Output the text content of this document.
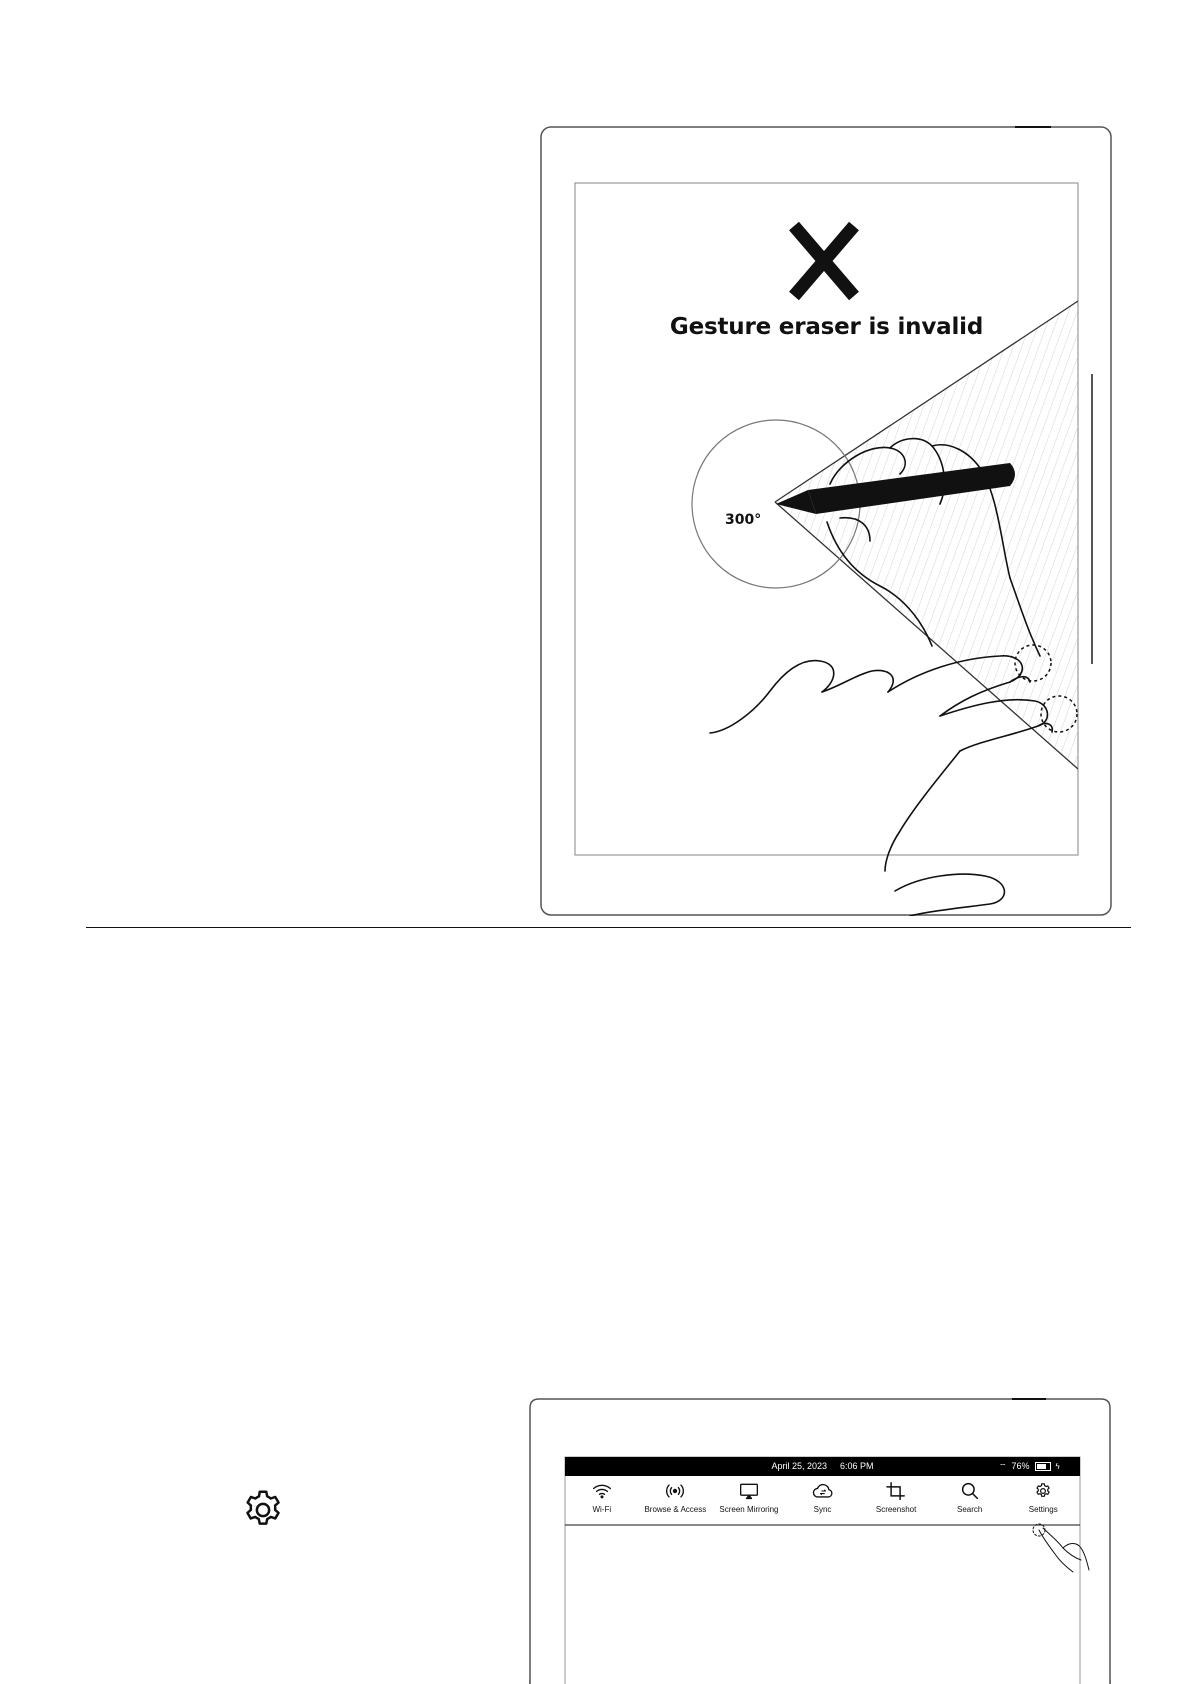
Gesture eraser is invalid
300°
April 25, 2023 6:06 PM	⌔ 76%	ϟ
Wi-Fi	Browse & Access Screen Mirroring	Sync	Screenshot	Search	Settings
